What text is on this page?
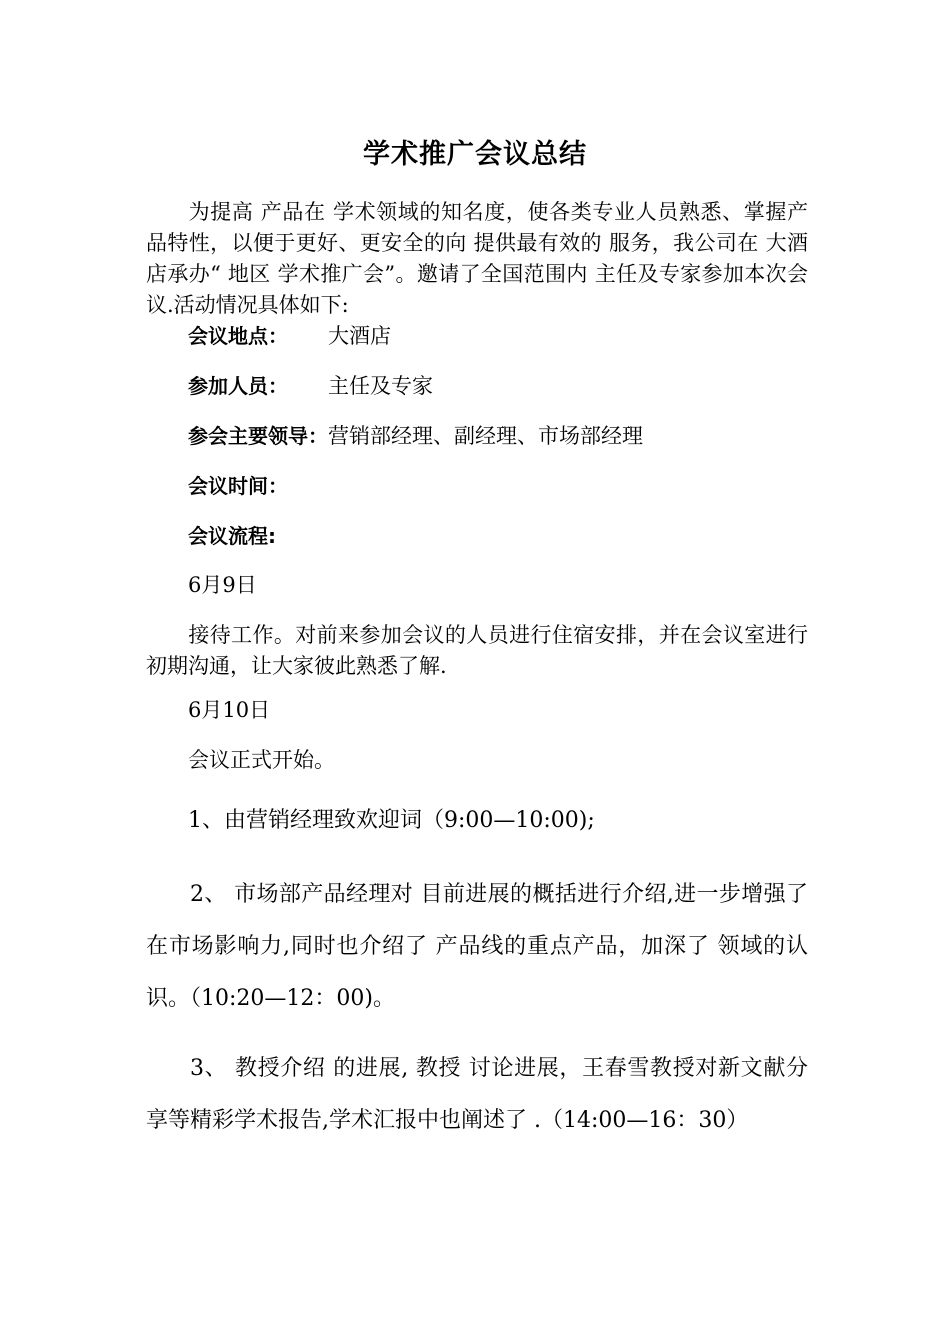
学术推广会议总结
为提高 产品在 学术领域的知名度，使各类专业人员熟悉、掌握产品特性，以便于更好、更安全的向 提供最有效的 服务，我公司在 大酒店承办“ 地区 学术推广会”。邀请了全国范围内 主任及专家参加本次会议.活动情况具体如下:
会议地点： 大酒店
参加人员： 主任及专家
参会主要领导：营销部经理、副经理、市场部经理
会议时间：
会议流程:
6月9日
接待工作。对前来参加会议的人员进行住宿安排，并在会议室进行初期沟通，让大家彼此熟悉了解.
6月10日
会议正式开始。
1、由营销经理致欢迎词（9:00—10:00);
2、 市场部产品经理对 目前进展的概括进行介绍,进一步增强了 在市场影响力,同时也介绍了 产品线的重点产品，加深了 领域的认识。（10:20—12：00)。
3、 教授介绍 的进展, 教授 讨论进展，王春雪教授对新文献分享等精彩学术报告,学术汇报中也阐述了 .（14:00—16：30）
